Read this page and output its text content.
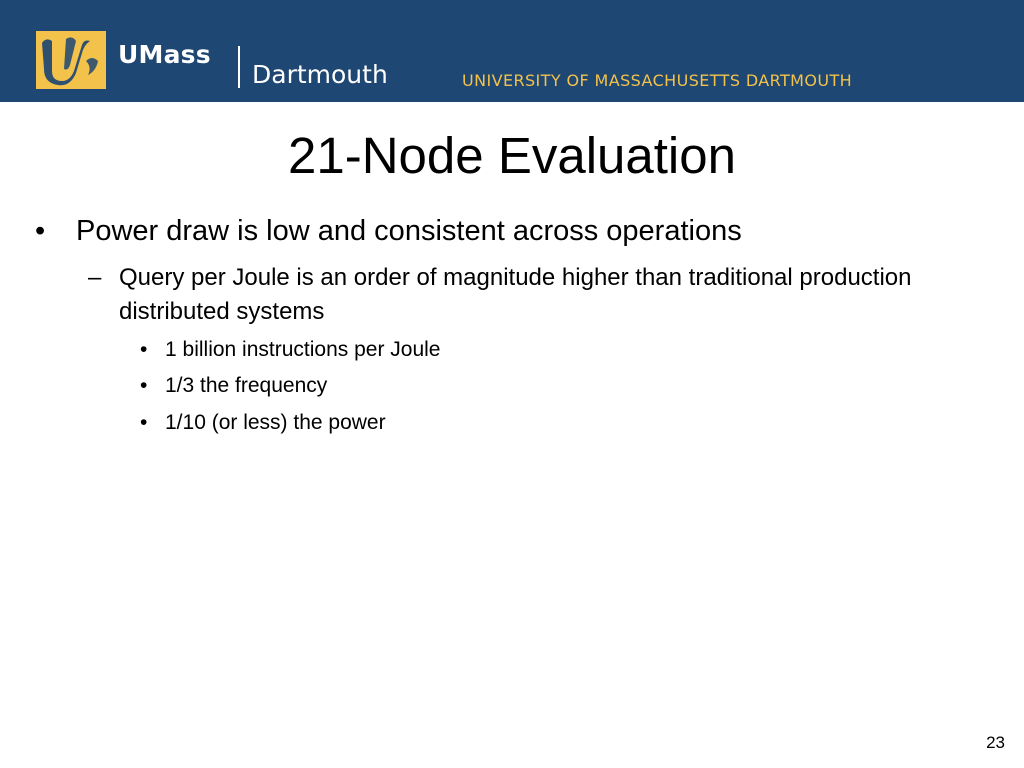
UMass
Dartmouth	UNIVERSITY OF MASSACHUSETTS DARTMOUTH
21-Node Evaluation
• Power draw is low and consistent across operations
– Query per Joule is an order of magnitude higher than traditional production distributed systems
• 1 billion instructions per Joule
• 1/3 the frequency
• 1/10 (or less) the power
23
